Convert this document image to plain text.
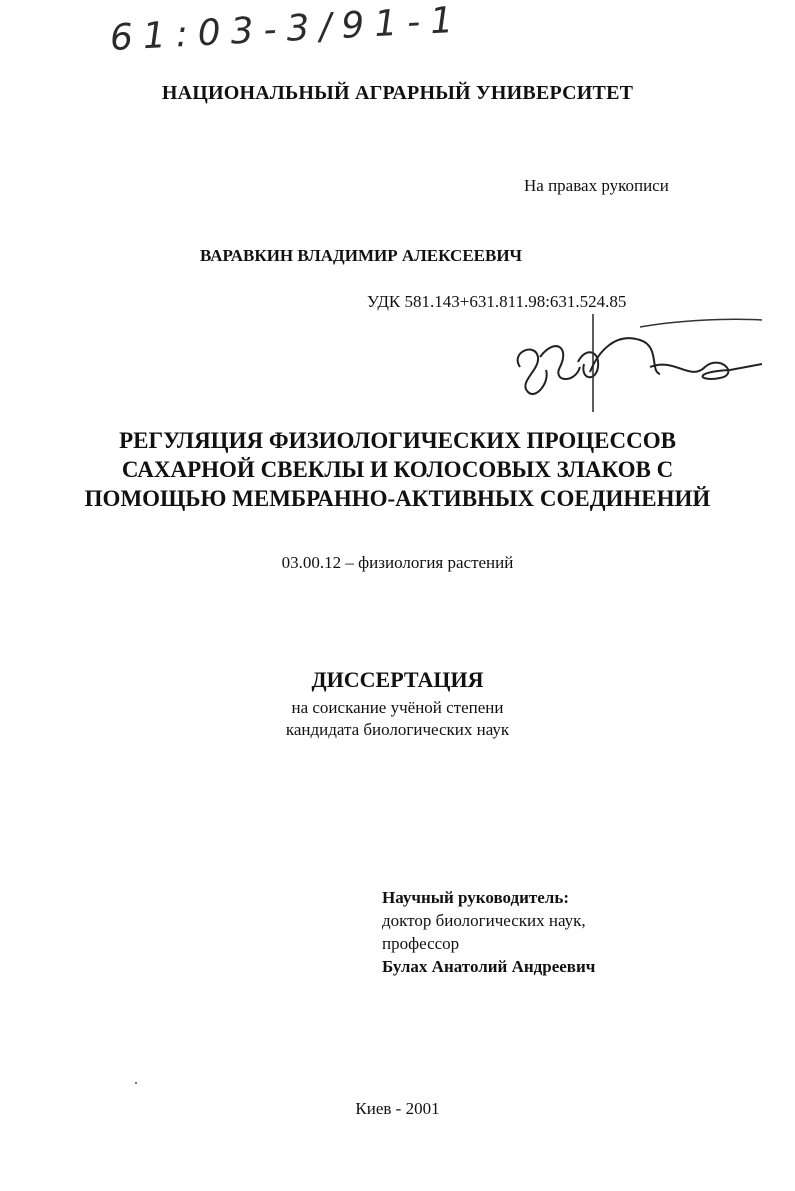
61:03-3/91-1
НАЦИОНАЛЬНЫЙ АГРАРНЫЙ УНИВЕРСИТЕТ
На правах рукописи
ВАРАВКИН ВЛАДИМИР АЛЕКСЕЕВИЧ
УДК 581.143+631.811.98:631.524.85
РЕГУЛЯЦИЯ ФИЗИОЛОГИЧЕСКИХ ПРОЦЕССОВ
САХАРНОЙ СВЕКЛЫ И КОЛОСОВЫХ ЗЛАКОВ С
ПОМОЩЬЮ МЕМБРАННО-АКТИВНЫХ СОЕДИНЕНИЙ
03.00.12 – физиология растений
ДИССЕРТАЦИЯ
на соискание учёной степени
кандидата биологических наук
Научный руководитель:
доктор биологических наук,
профессор
Булах Анатолий Андреевич
Киев - 2001
